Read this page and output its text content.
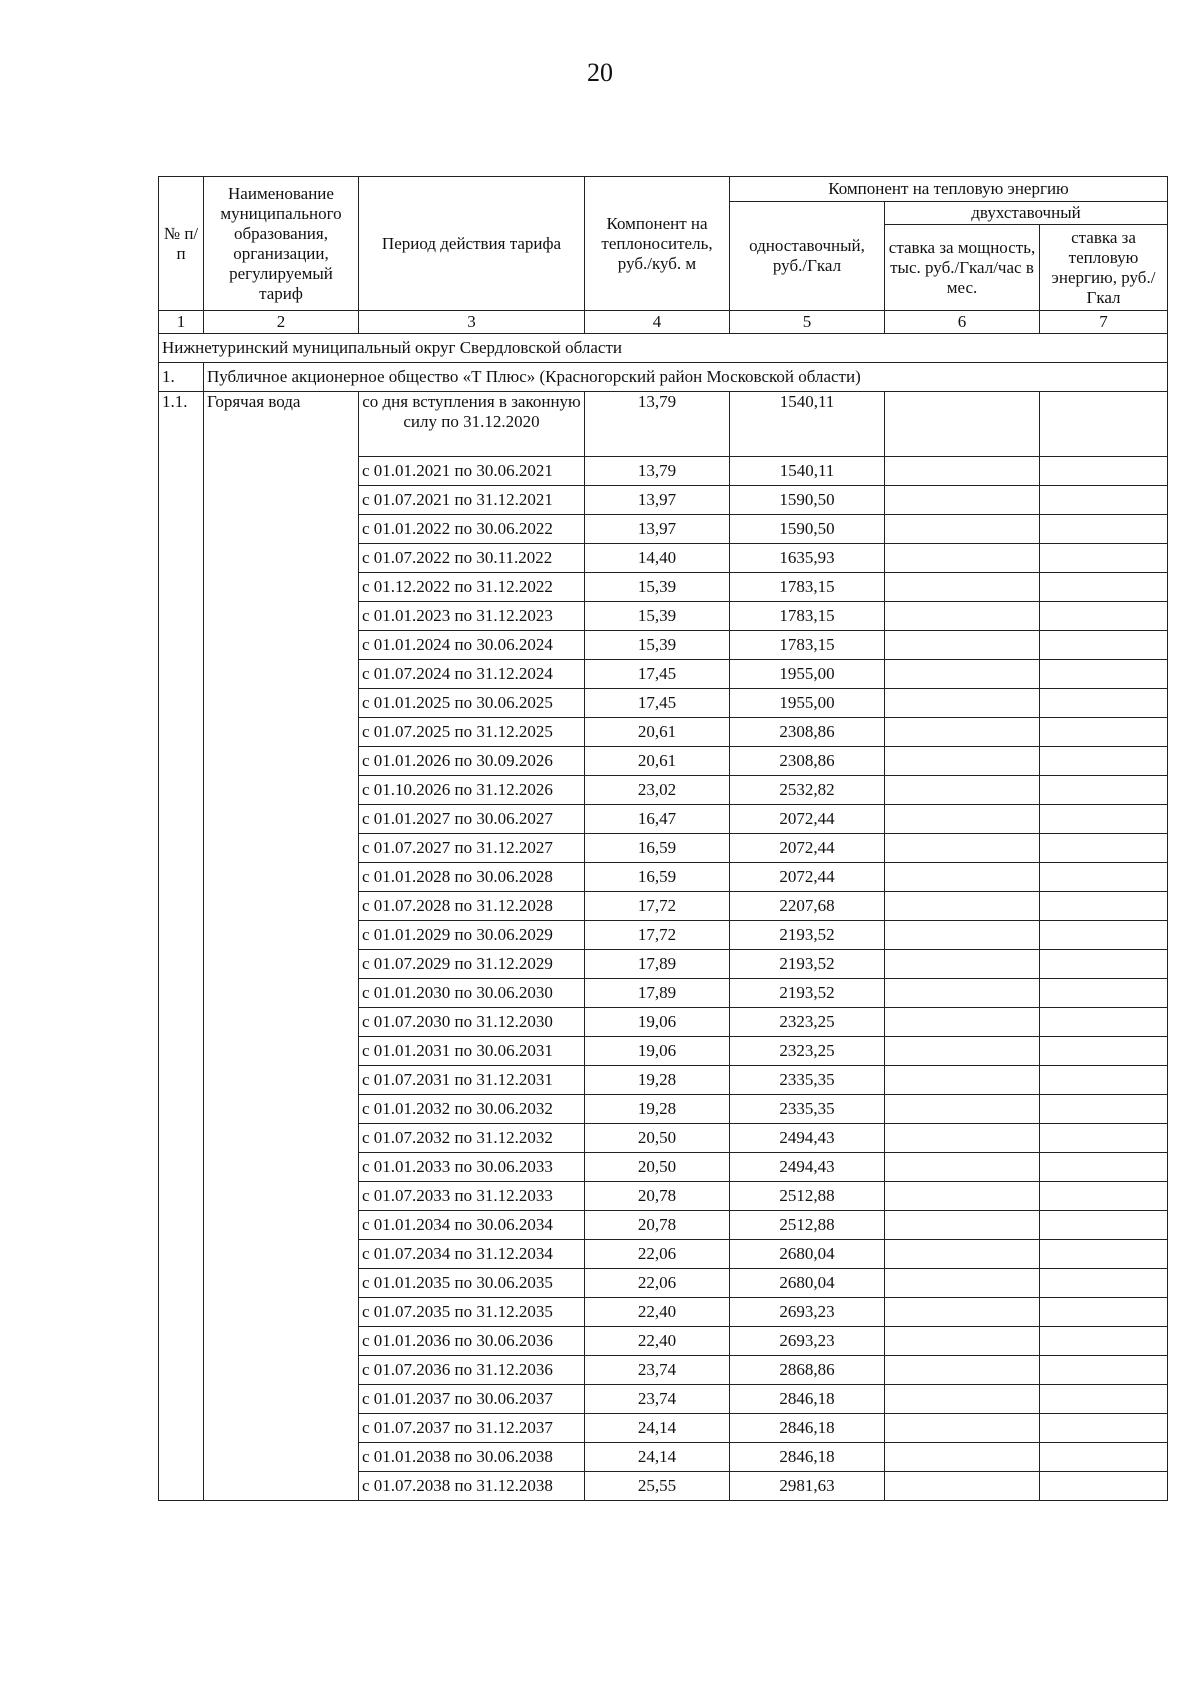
20
№ п/п	Наименование муниципального образования, организации, регулируемый тариф	Период действия тарифа	Компонент на теплоноситель, руб./куб. м	Компонент на тепловую энергию		
				одноставочный, руб./Гкал	двухставочный	
					ставка за мощность, тыс. руб./Гкал/час в мес.	ставка за тепловую энергию, руб./Гкал
1	2	3	4	5	6	7
Нижнетуринский муниципальный округ Свердловской области						
1.	Публичное акционерное общество «Т Плюс» (Красногорский район Московской области)					
1.1.	Горячая вода	со дня вступления в законную силу по 31.12.2020	13,79	1540,11		
		с 01.01.2021 по 30.06.2021	13,79	1540,11		
		с 01.07.2021 по 31.12.2021	13,97	1590,50		
		с 01.01.2022 по 30.06.2022	13,97	1590,50		
		с 01.07.2022 по 30.11.2022	14,40	1635,93		
		с 01.12.2022 по 31.12.2022	15,39	1783,15		
		с 01.01.2023 по 31.12.2023	15,39	1783,15		
		с 01.01.2024 по 30.06.2024	15,39	1783,15		
		с 01.07.2024 по 31.12.2024	17,45	1955,00		
		с 01.01.2025 по 30.06.2025	17,45	1955,00		
		с 01.07.2025 по 31.12.2025	20,61	2308,86		
		с 01.01.2026 по 30.09.2026	20,61	2308,86		
		с 01.10.2026 по 31.12.2026	23,02	2532,82		
		с 01.01.2027 по 30.06.2027	16,47	2072,44		
		с 01.07.2027 по 31.12.2027	16,59	2072,44		
		с 01.01.2028 по 30.06.2028	16,59	2072,44		
		с 01.07.2028 по 31.12.2028	17,72	2207,68		
		с 01.01.2029 по 30.06.2029	17,72	2193,52		
		с 01.07.2029 по 31.12.2029	17,89	2193,52		
		с 01.01.2030 по 30.06.2030	17,89	2193,52		
		с 01.07.2030 по 31.12.2030	19,06	2323,25		
		с 01.01.2031 по 30.06.2031	19,06	2323,25		
		с 01.07.2031 по 31.12.2031	19,28	2335,35		
		с 01.01.2032 по 30.06.2032	19,28	2335,35		
		с 01.07.2032 по 31.12.2032	20,50	2494,43		
		с 01.01.2033 по 30.06.2033	20,50	2494,43		
		с 01.07.2033 по 31.12.2033	20,78	2512,88		
		с 01.01.2034 по 30.06.2034	20,78	2512,88		
		с 01.07.2034 по 31.12.2034	22,06	2680,04		
		с 01.01.2035 по 30.06.2035	22,06	2680,04		
		с 01.07.2035 по 31.12.2035	22,40	2693,23		
		с 01.01.2036 по 30.06.2036	22,40	2693,23		
		с 01.07.2036 по 31.12.2036	23,74	2868,86		
		с 01.01.2037 по 30.06.2037	23,74	2846,18		
		с 01.07.2037 по 31.12.2037	24,14	2846,18		
		с 01.01.2038 по 30.06.2038	24,14	2846,18		
		с 01.07.2038 по 31.12.2038	25,55	2981,63		
